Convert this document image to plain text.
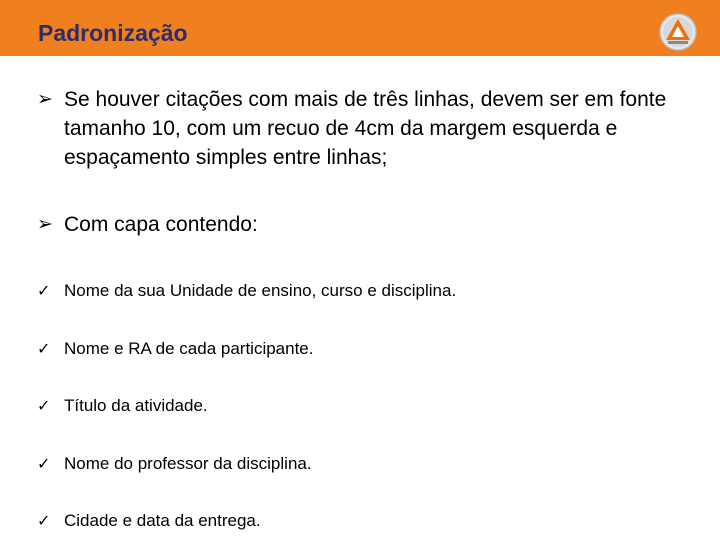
Padronização
➢ Se houver citações com mais de três linhas, devem ser em fonte tamanho 10, com um recuo de 4cm da margem esquerda e espaçamento simples entre linhas;
➢ Com capa contendo:
✓ Nome da sua Unidade de ensino, curso e disciplina.
✓ Nome e RA de cada participante.
✓ Título da atividade.
✓ Nome do professor da disciplina.
✓ Cidade e data da entrega.
